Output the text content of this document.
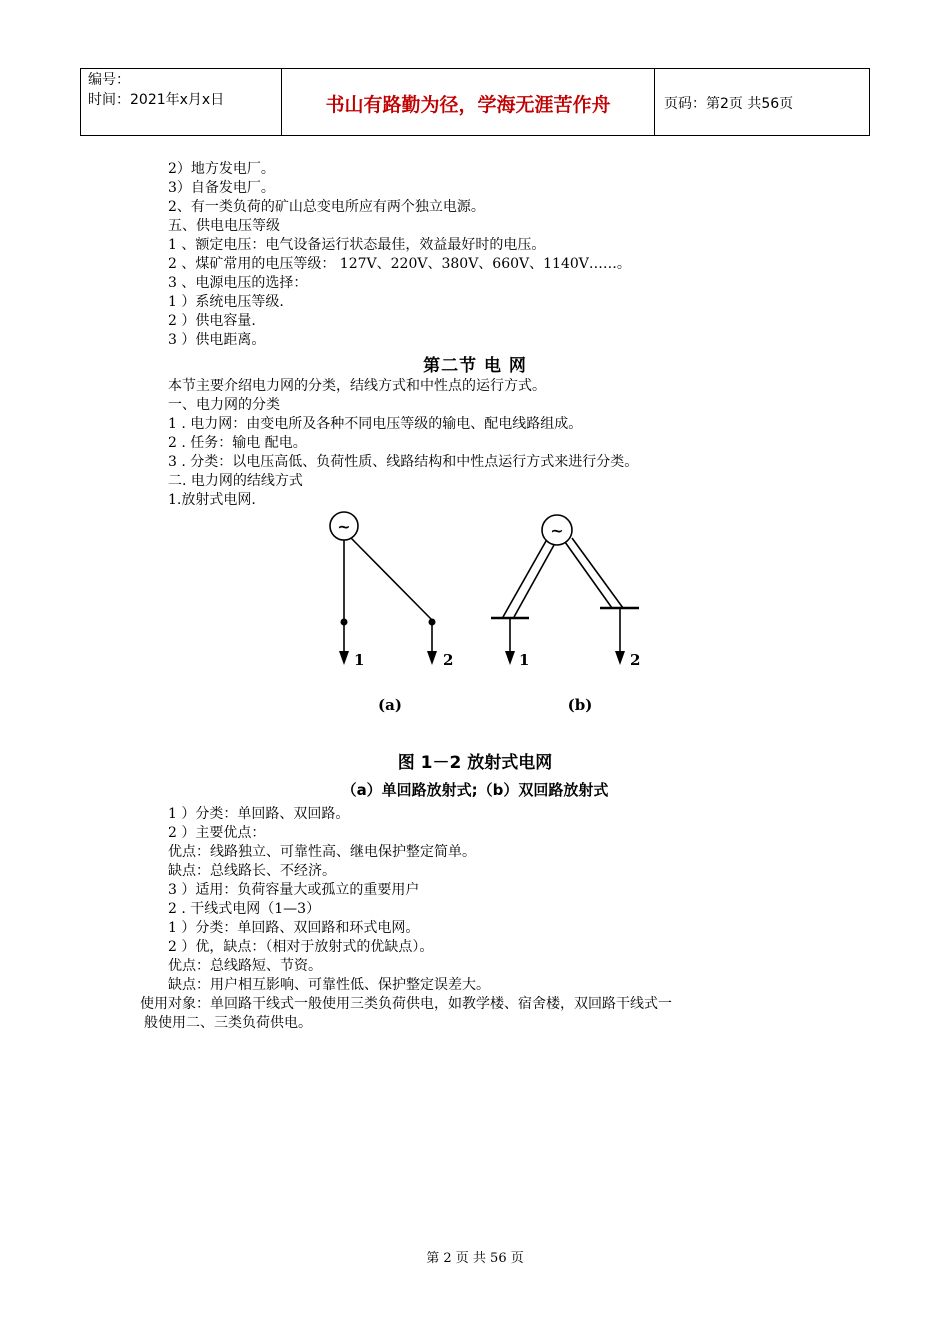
编号：
时间：2021年x月x日	书山有路勤为径，学海无涯苦作舟	页码：第2页 共56页
2）地方发电厂。
3）自备发电厂。
2、有一类负荷的矿山总变电所应有两个独立电源。
五、供电电压等级
1 、额定电压：电气设备运行状态最佳，效益最好时的电压。
2 、煤矿常用的电压等级： 127V、220V、380V、660V、1140V……。
3 、电源电压的选择：
1 ）系统电压等级.
2 ）供电容量.
3 ）供电距离。
第二节 电 网
本节主要介绍电力网的分类，结线方式和中性点的运行方式。
一、电力网的分类
1 . 电力网：由变电所及各种不同电压等级的输电、配电线路组成。
2 . 任务：输电 配电。
3 . 分类：以电压高低、负荷性质、线路结构和中性点运行方式来进行分类。
二. 电力网的结线方式
1.放射式电网.
~	~
1	2	1	2
(a)	(b)
图 1－2 放射式电网
（a）单回路放射式;（b）双回路放射式
1 ）分类：单回路、双回路。
2 ）主要优点：
优点：线路独立、可靠性高、继电保护整定简单。
缺点：总线路长、不经济。
3 ）适用：负荷容量大或孤立的重要用户
2 . 干线式电网（1—3）
1 ）分类：单回路、双回路和环式电网。
2 ）优，缺点：（相对于放射式的优缺点）。
优点：总线路短、节资。
缺点：用户相互影响、可靠性低、保护整定误差大。
使用对象：单回路干线式一般使用三类负荷供电，如教学楼、宿舍楼，双回路干线式一
般使用二、三类负荷供电。
第 2 页 共 56 页
